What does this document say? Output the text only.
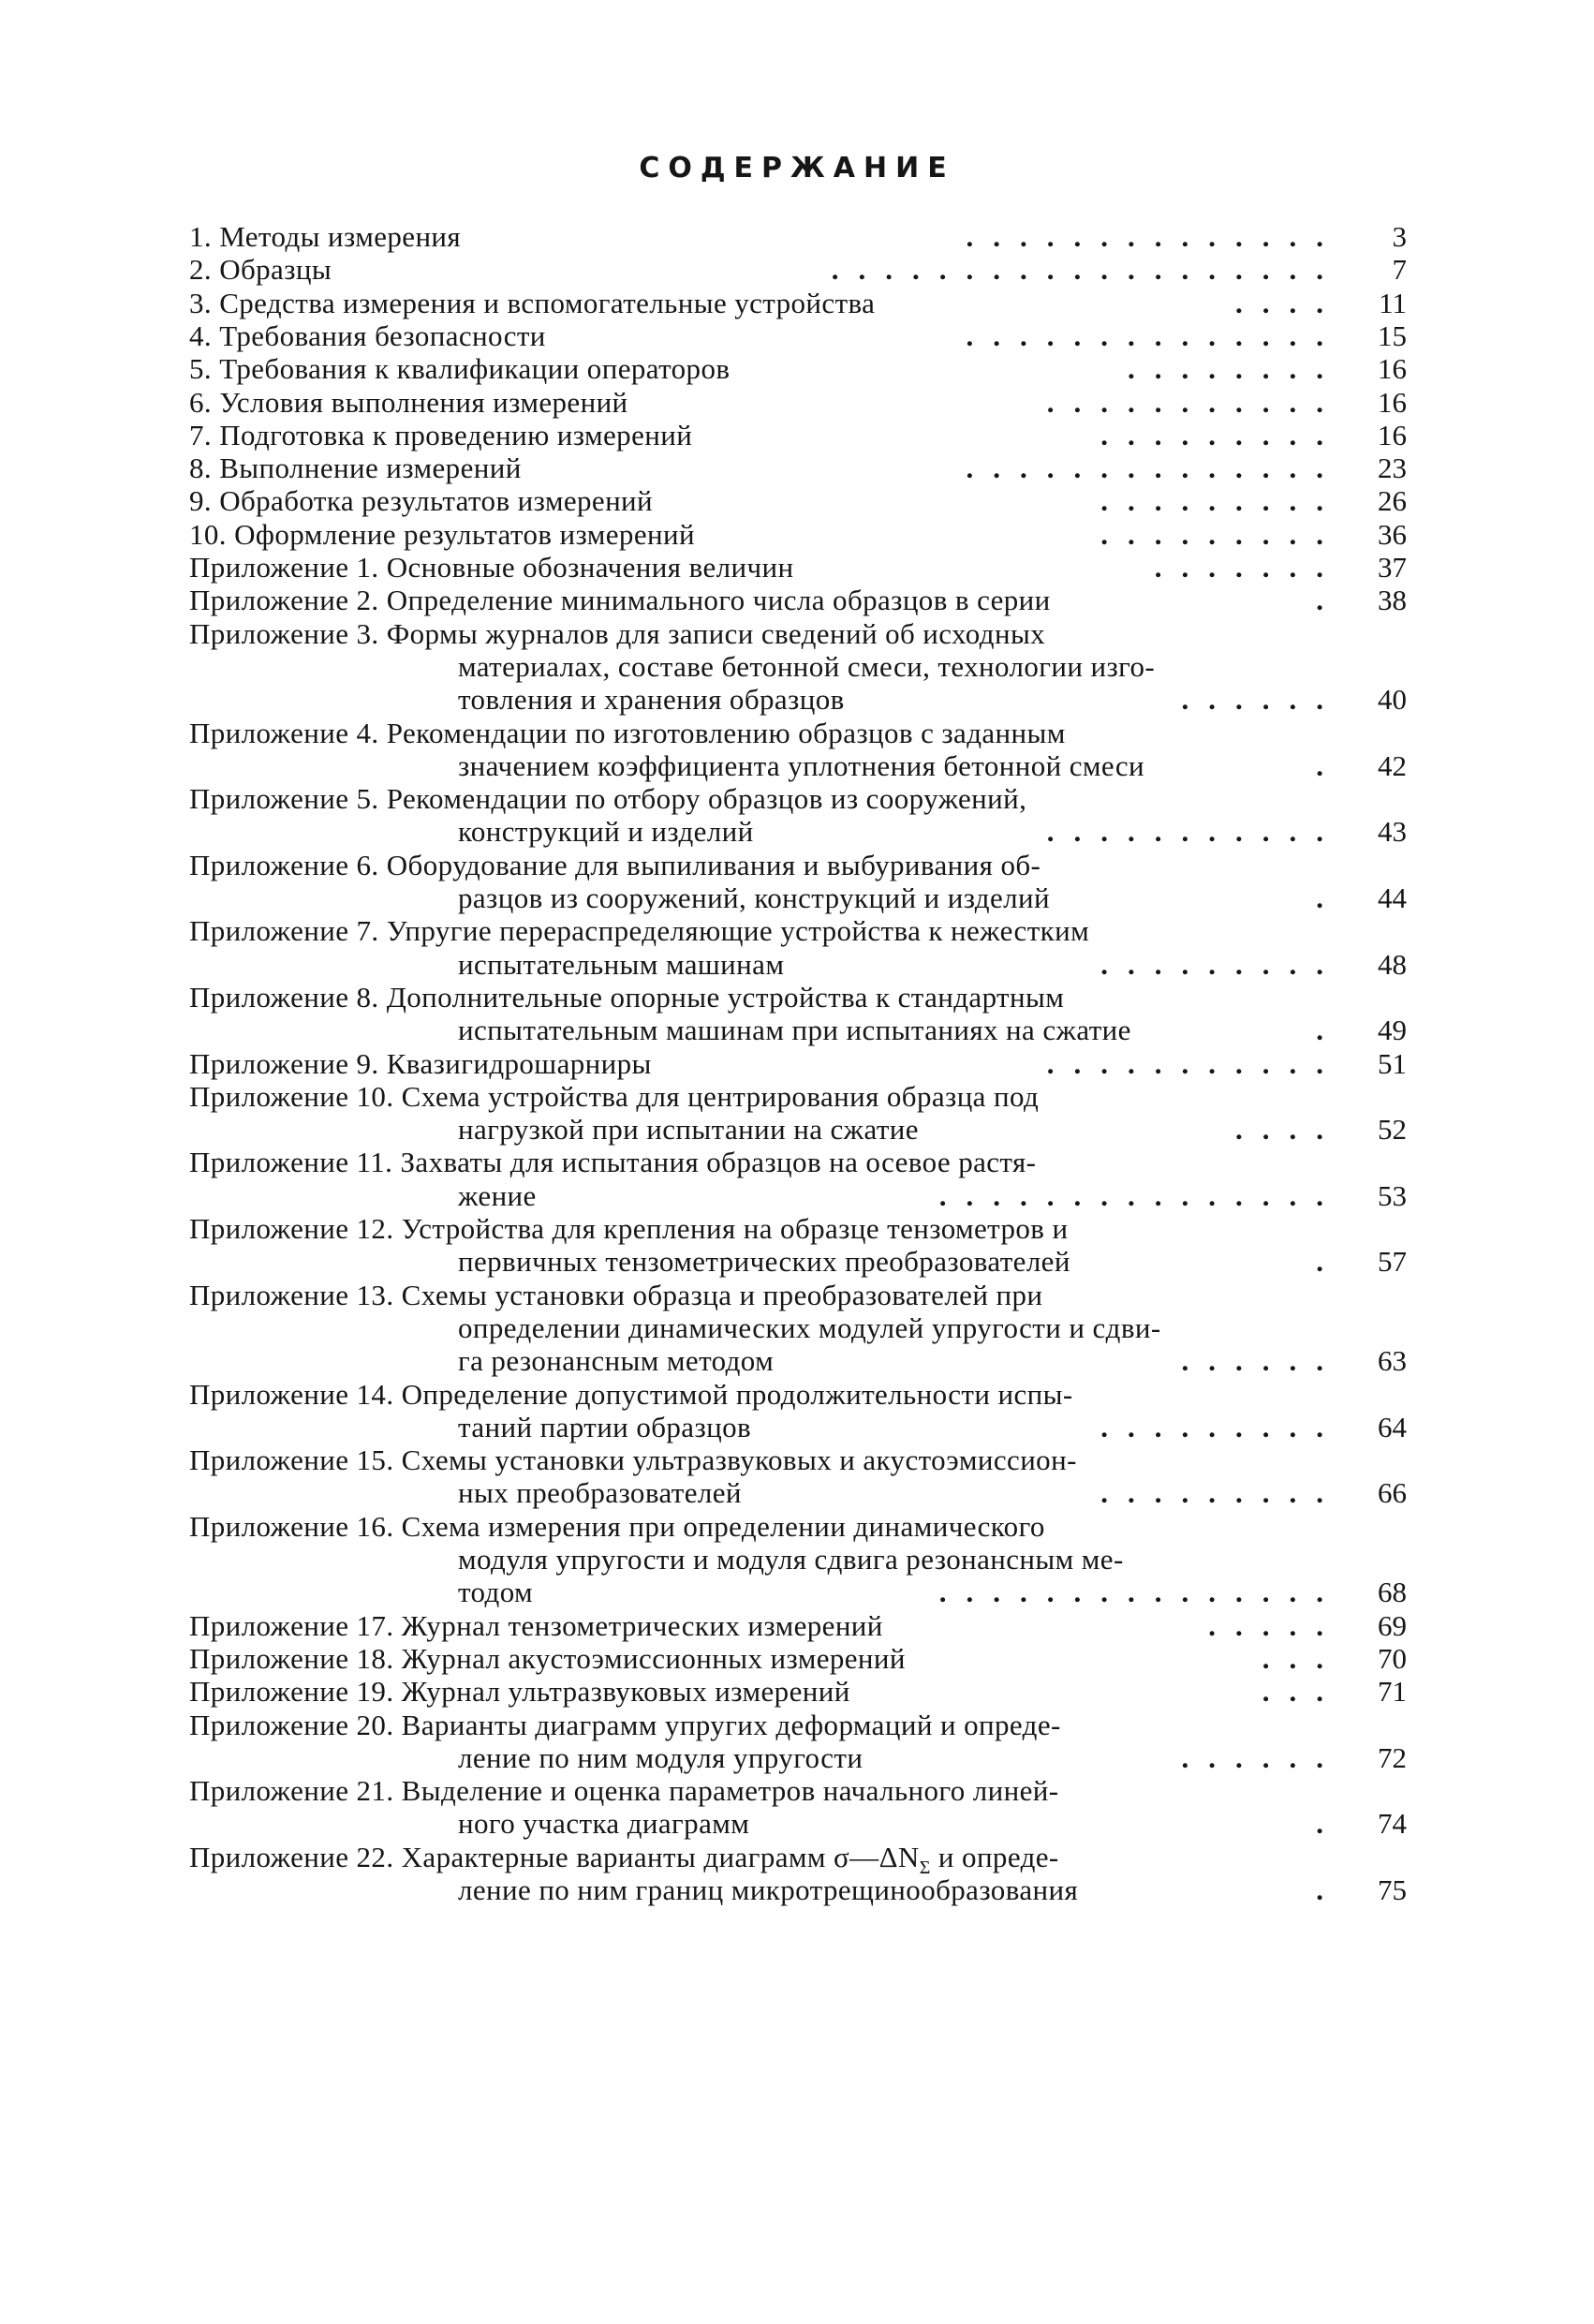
СОДЕРЖАНИЕ
1. Методы измерения	..............	3
2. Образцы	...................	7
3. Средства измерения и вспомогательные устройства	....	11
4. Требования безопасности	..............	15
5. Требования к квалификации операторов	........	16
6. Условия выполнения измерений	...........	16
7. Подготовка к проведению измерений	.........	16
8. Выполнение измерений	..............	23
9. Обработка результатов измерений	.........	26
10. Оформление результатов измерений	.........	36
Приложение 1. Основные обозначения величин	.......	37
Приложение 2. Определение минимального числа образцов в серии	.	38
Приложение 3. Формы журналов для записи сведений об исходных
материалах, составе бетонной смеси, технологии изго-
товления и хранения образцов	......	40
Приложение 4. Рекомендации по изготовлению образцов с заданным
значением коэффициента уплотнения бетонной смеси	.	42
Приложение 5. Рекомендации по отбору образцов из сооружений,
конструкций и изделий	...........	43
Приложение 6. Оборудование для выпиливания и выбуривания об-
разцов из сооружений, конструкций и изделий	.	44
Приложение 7. Упругие перераспределяющие устройства к нежестким
испытательным машинам	.........	48
Приложение 8. Дополнительные опорные устройства к стандартным
испытательным машинам при испытаниях на сжатие	.	49
Приложение 9. Квазигидрошарниры	...........	51
Приложение 10. Схема устройства для центрирования образца под
нагрузкой при испытании на сжатие	....	52
Приложение 11. Захваты для испытания образцов на осевое растя-
жение	...............	53
Приложение 12. Устройства для крепления на образце тензометров и
первичных тензометрических преобразователей	.	57
Приложение 13. Схемы установки образца и преобразователей при
определении динамических модулей упругости и сдви-
га резонансным методом	......	63
Приложение 14. Определение допустимой продолжительности испы-
таний партии образцов	.........	64
Приложение 15. Схемы установки ультразвуковых и акустоэмиссион-
ных преобразователей	.........	66
Приложение 16. Схема измерения при определении динамического
модуля упругости и модуля сдвига резонансным ме-
тодом	...............	68
Приложение 17. Журнал тензометрических измерений	.....	69
Приложение 18. Журнал акустоэмиссионных измерений	...	70
Приложение 19. Журнал ультразвуковых измерений	...	71
Приложение 20. Варианты диаграмм упругих деформаций и опреде-
ление по ним модуля упругости	......	72
Приложение 21. Выделение и оценка параметров начального линей-
ного участка диаграмм	.	74
Приложение 22. Характерные варианты диаграмм $\sigma—\Delta N_\Sigma$ и опреде-
ление по ним границ микротрещинообразования	.	75
